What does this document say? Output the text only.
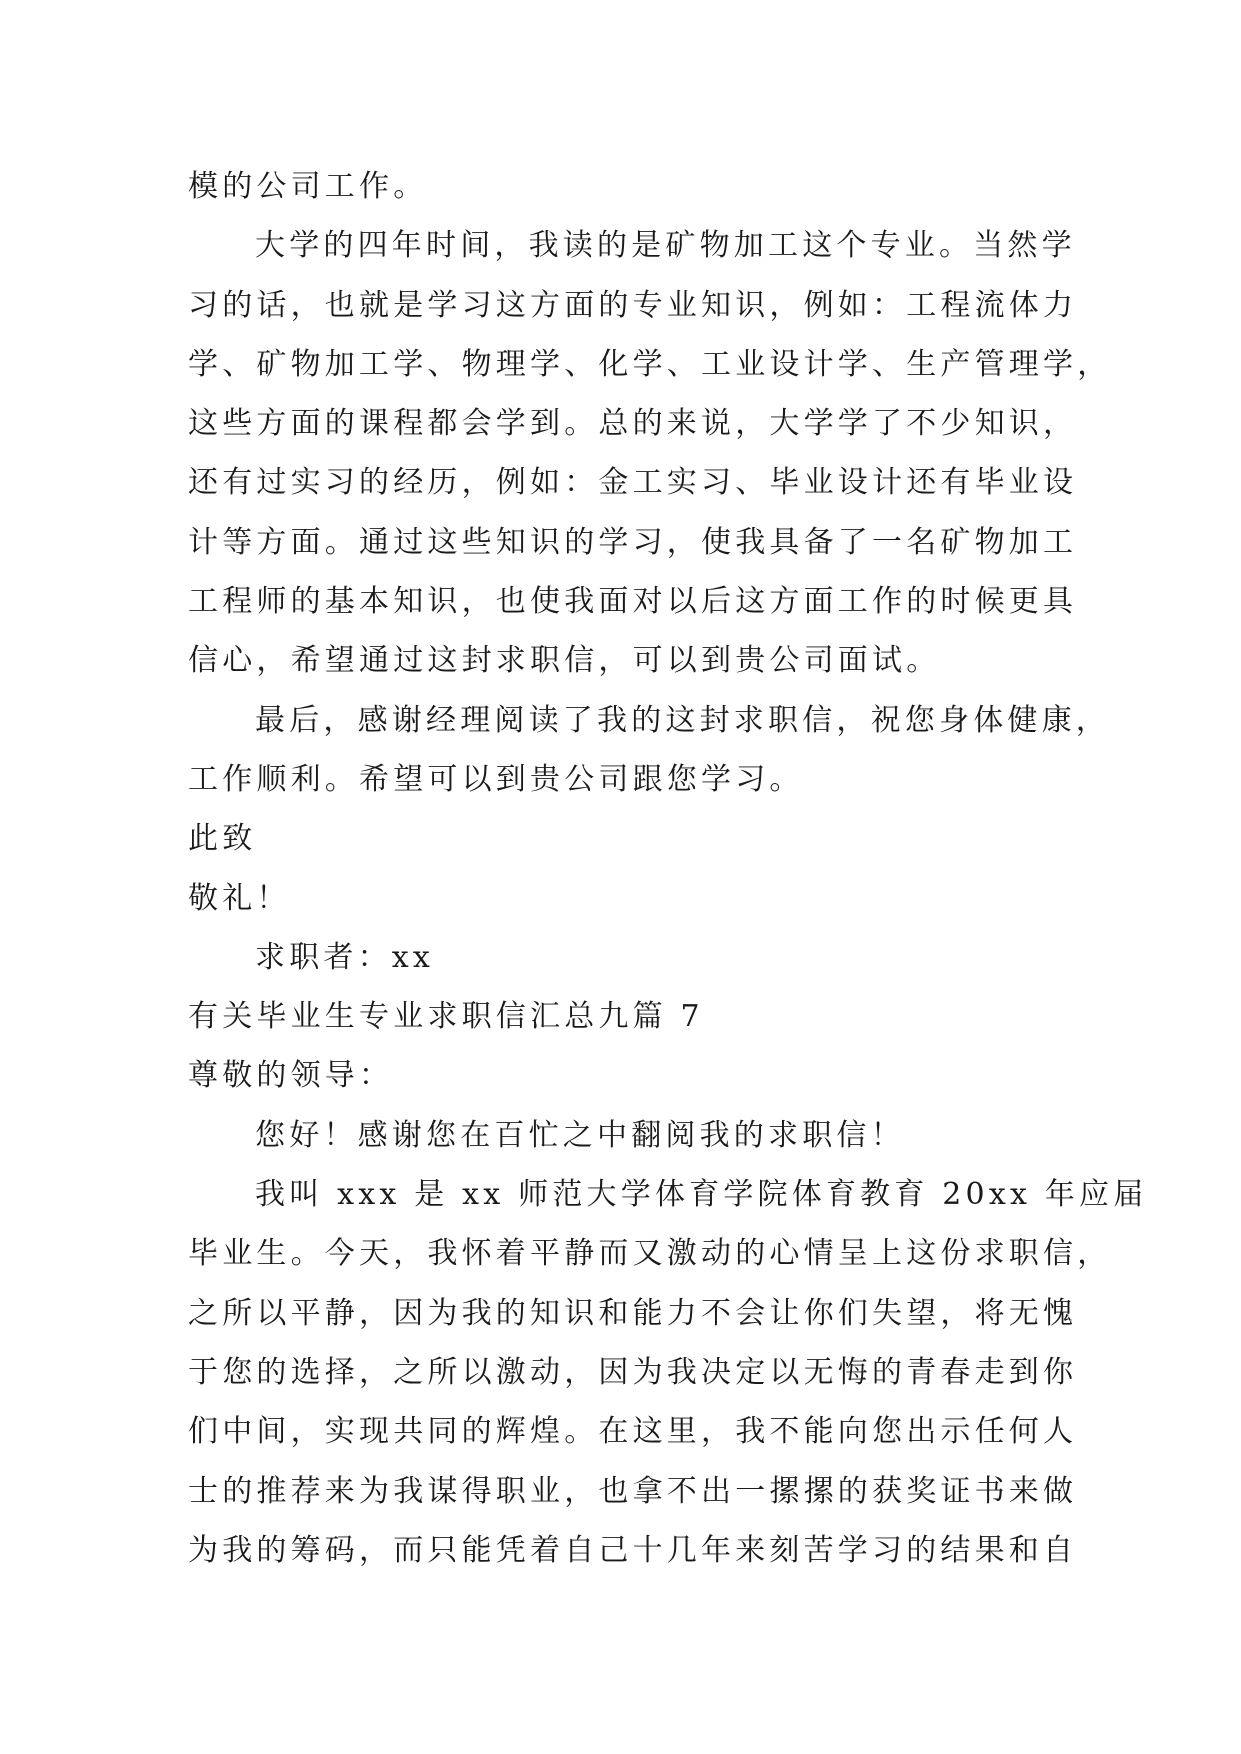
模的公司工作。
大学的四年时间，我读的是矿物加工这个专业。当然学
习的话，也就是学习这方面的专业知识，例如：工程流体力
学、矿物加工学、物理学、化学、工业设计学、生产管理学，
这些方面的课程都会学到。总的来说，大学学了不少知识，
还有过实习的经历，例如：金工实习、毕业设计还有毕业设
计等方面。通过这些知识的学习，使我具备了一名矿物加工
工程师的基本知识，也使我面对以后这方面工作的时候更具
信心，希望通过这封求职信，可以到贵公司面试。
最后，感谢经理阅读了我的这封求职信，祝您身体健康，
工作顺利。希望可以到贵公司跟您学习。
此致
敬礼！
求职者：xx
有关毕业生专业求职信汇总九篇 7
尊敬的领导：
您好！感谢您在百忙之中翻阅我的求职信！
我叫 xxx 是 xx 师范大学体育学院体育教育 20xx 年应届
毕业生。今天，我怀着平静而又激动的心情呈上这份求职信，
之所以平静，因为我的知识和能力不会让你们失望，将无愧
于您的选择，之所以激动，因为我决定以无悔的青春走到你
们中间，实现共同的辉煌。在这里，我不能向您出示任何人
士的推荐来为我谋得职业，也拿不出一摞摞的获奖证书来做
为我的筹码，而只能凭着自己十几年来刻苦学习的结果和自
